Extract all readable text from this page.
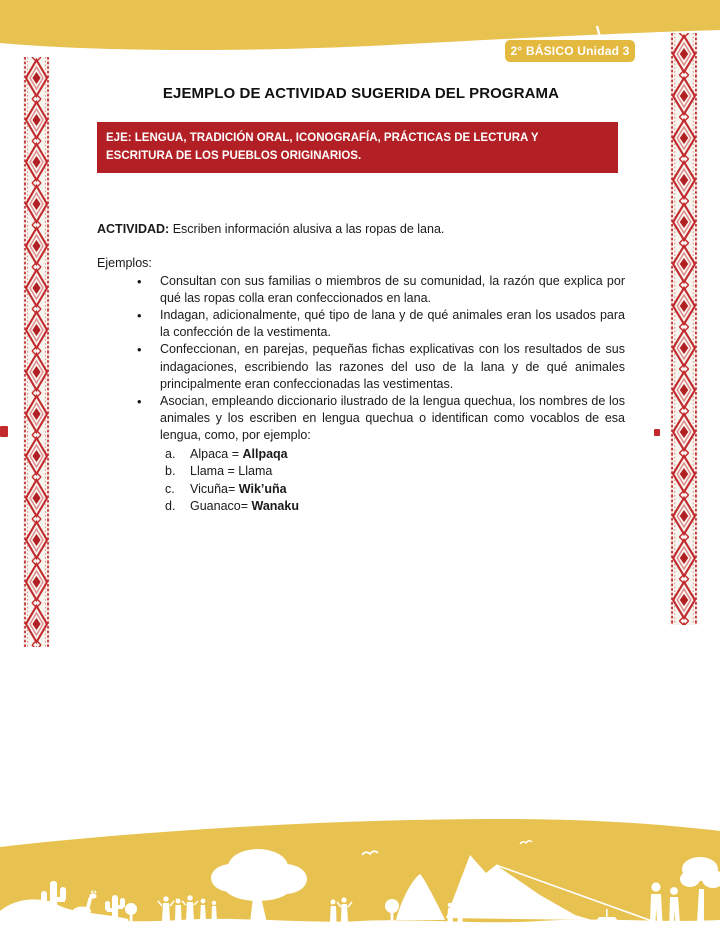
2° BÁSICO Unidad 3
EJEMPLO DE ACTIVIDAD SUGERIDA DEL PROGRAMA
EJE: LENGUA, TRADICIÓN ORAL, ICONOGRAFÍA, PRÁCTICAS DE LECTURA Y ESCRITURA DE LOS PUEBLOS ORIGINARIOS.

ACTIVIDAD: Escriben información alusiva a las ropas de lana.

Ejemplos:

• Consultan con sus familias o miembros de su comunidad, la razón que explica por qué las ropas colla eran confeccionados en lana.
• Indagan, adicionalmente, qué tipo de lana y de qué animales eran los usados para la confección de la vestimenta.
• Confeccionan, en parejas, pequeñas fichas explicativas con los resultados de sus indagaciones, escribiendo las razones del uso de la lana y de qué animales principalmente eran confeccionadas las vestimentas.
• Asocian, empleando diccionario ilustrado de la lengua quechua, los nombres de los animales y los escriben en lengua quechua o identifican como vocablos de esa lengua, como, por ejemplo:
a. Alpaca = Allpaqa
b. Llama = Llama
c. Vicuña= Wik’uña
d. Guanaco= Wanaku
